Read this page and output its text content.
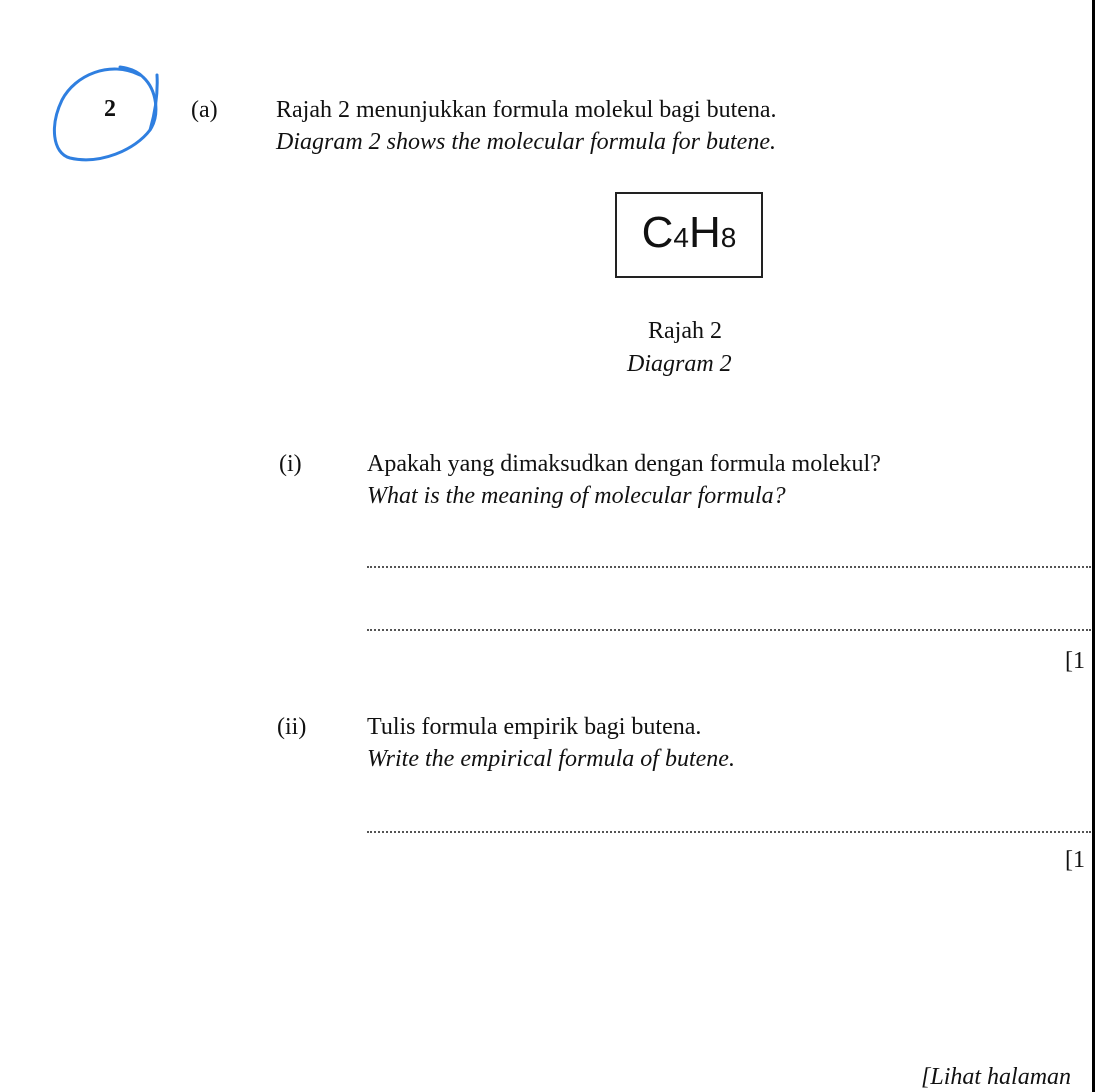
2	(a) Rajah 2 menunjukkan formula molekul bagi butena.
Diagram 2 shows the molecular formula for butene.
C4H8
Rajah 2
Diagram 2
(i)	Apakah yang dimaksudkan dengan formula molekul?
What is the meaning of molecular formula?
[1
(ii)	Tulis formula empirik bagi butena.
Write the empirical formula of butene.
[1
[Lihat halaman
